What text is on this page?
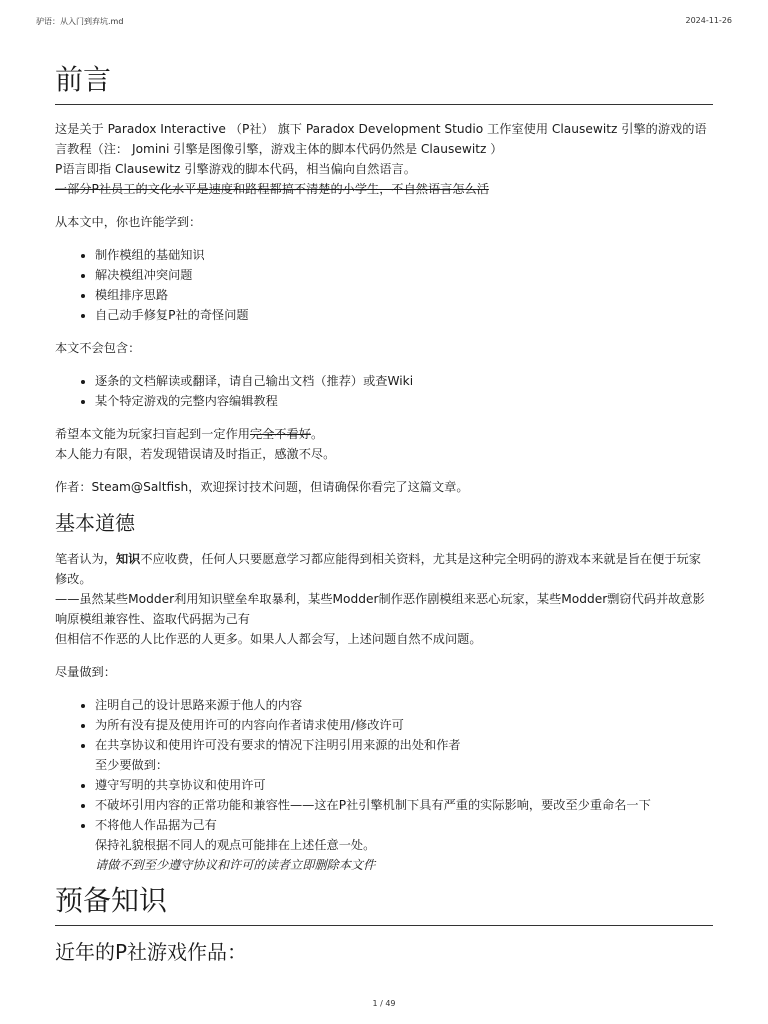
驴语：从入门到弃坑.md	2024-11-26
前言

这是关于 Paradox Interactive （P社） 旗下 Paradox Development Studio 工作室使用 Clausewitz 引擎的游戏的语言教程（注： Jomini 引擎是图像引擎，游戏主体的脚本代码仍然是 Clausewitz ）

P语言即指 Clausewitz 引擎游戏的脚本代码，相当偏向自然语言。

一部分P社员工的文化水平是速度和路程都搞不清楚的小学生，不自然语言怎么活

从本文中，你也许能学到：

• 制作模组的基础知识
• 解决模组冲突问题
• 模组排序思路
• 自己动手修复P社的奇怪问题

本文不会包含：

• 逐条的文档解读或翻译，请自己输出文档（推荐）或查Wiki
• 某个特定游戏的完整内容编辑教程

希望本文能为玩家扫盲起到一定作用完全不看好。

本人能力有限，若发现错误请及时指正，感激不尽。

作者：Steam@Saltfish，欢迎探讨技术问题，但请确保你看完了这篇文章。

基本道德

笔者认为，知识不应收费，任何人只要愿意学习都应能得到相关资料，尤其是这种完全明码的游戏本来就是旨在便于玩家修改。

——虽然某些Modder利用知识壁垒牟取暴利，某些Modder制作恶作剧模组来恶心玩家，某些Modder剽窃代码并故意影响原模组兼容性、盗取代码据为己有

但相信不作恶的人比作恶的人更多。如果人人都会写，上述问题自然不成问题。

尽量做到：

• 注明自己的设计思路来源于他人的内容
• 为所有没有提及使用许可的内容向作者请求使用/修改许可
• 在共享协议和使用许可没有要求的情况下注明引用来源的出处和作者
至少要做到：
• 遵守写明的共享协议和使用许可
• 不破坏引用内容的正常功能和兼容性——这在P社引擎机制下具有严重的实际影响，要改至少重命名一下
• 不将他人作品据为己有
保持礼貌根据不同人的观点可能排在上述任意一处。
请做不到至少遵守协议和许可的读者立即删除本文件
预备知识
近年的P社游戏作品：
1 / 49
